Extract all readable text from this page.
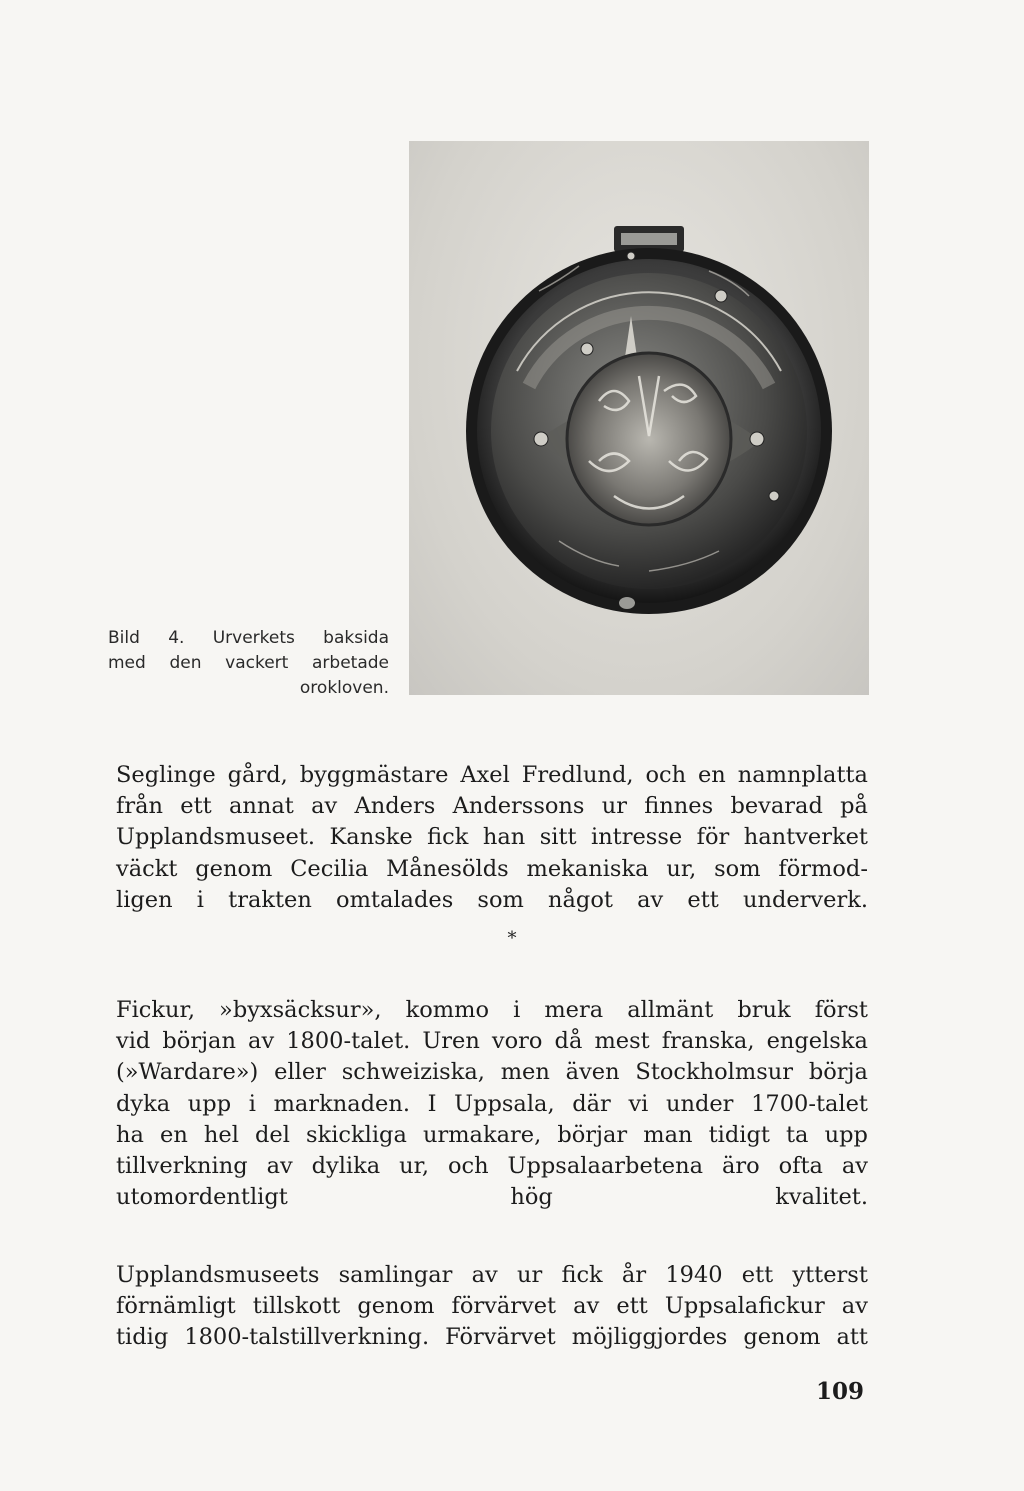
Bild 4. Urverkets baksida
med den vackert arbetade
orokloven.
Seglinge gård, byggmästare Axel Fredlund, och en namnplatta
från ett annat av Anders Anderssons ur finnes bevarad på
Upplandsmuseet. Kanske fick han sitt intresse för hantverket
väckt genom Cecilia Månesölds mekaniska ur, som förmod-
ligen i trakten omtalades som något av ett underverk.
*
Fickur, »byxsäcksur», kommo i mera allmänt bruk först
vid början av 1800-talet. Uren voro då mest franska, engelska
(»Wardare») eller schweiziska, men även Stockholmsur börja
dyka upp i marknaden. I Uppsala, där vi under 1700-talet
ha en hel del skickliga urmakare, börjar man tidigt ta upp
tillverkning av dylika ur, och Uppsalaarbetena äro ofta av
utomordentligt hög kvalitet.
Upplandsmuseets samlingar av ur fick år 1940 ett ytterst
förnämligt tillskott genom förvärvet av ett Uppsalafickur av
tidig 1800-talstillverkning. Förvärvet möjliggjordes genom att
109
